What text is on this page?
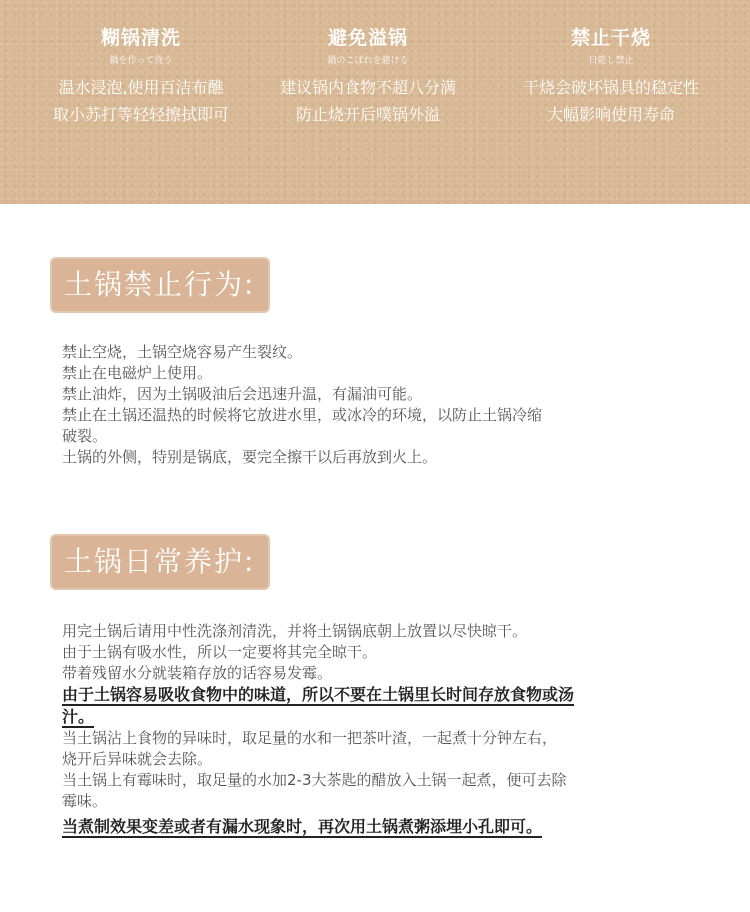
糊锅清洗
鍋を作って洗う
温水浸泡,使用百洁布醮
取小苏打等轻轻擦拭即可
避免溢锅
鍋のこぼれを避ける
建议锅内食物不超八分满
防止烧开后噗锅外溢
禁止干烧
日乾し禁止
干烧会破坏锅具的稳定性
大幅影响使用寿命
土锅禁止行为:
禁止空烧，土锅空烧容易产生裂纹。
禁止在电磁炉上使用。
禁止油炸，因为土锅吸油后会迅速升温，有漏油可能。
禁止在土锅还温热的时候将它放进水里，或冰冷的环境，以防止土锅冷缩
破裂。
土锅的外侧，特别是锅底，要完全擦干以后再放到火上。
土锅日常养护:
用完土锅后请用中性洗涤剂清洗，并将土锅锅底朝上放置以尽快晾干。
由于土锅有吸水性，所以一定要将其完全晾干。
带着残留水分就装箱存放的话容易发霉。
由于土锅容易吸收食物中的味道，所以不要在土锅里长时间存放食物或汤
汁。
当土锅沾上食物的异味时，取足量的水和一把茶叶渣，一起煮十分钟左右，
烧开后异味就会去除。
当土锅上有霉味时，取足量的水加2-3大茶匙的醋放入土锅一起煮，便可去除
霉味。
当煮制效果变差或者有漏水现象时，再次用土锅煮粥添埋小孔即可。
